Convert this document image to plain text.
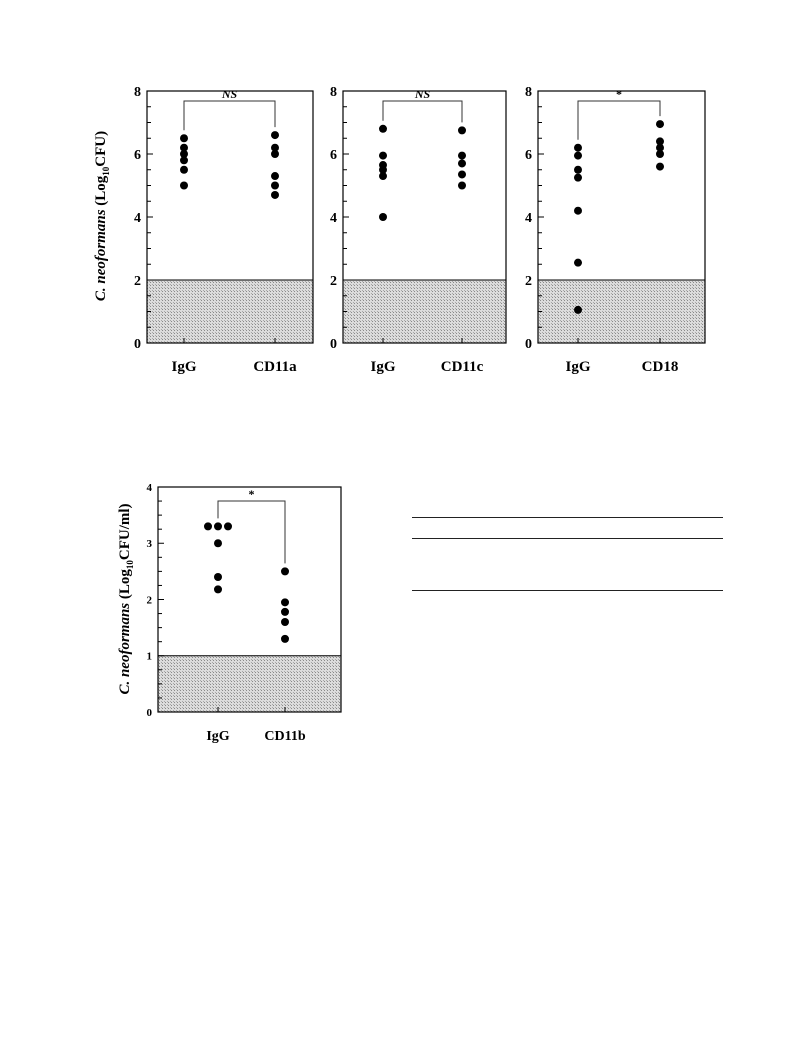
0
2
4
6
8
IgG	CD11a
NS
0
2
4
6
8
IgG	CD11c
NS
0
2
4
6
8
IgG	CD18
*
0
1
2
3
4
IgG CD11b
*
C. neoformans (Log$_{10}$CFU)
C. neoformans (Log$_{10}$CFU/ml)
